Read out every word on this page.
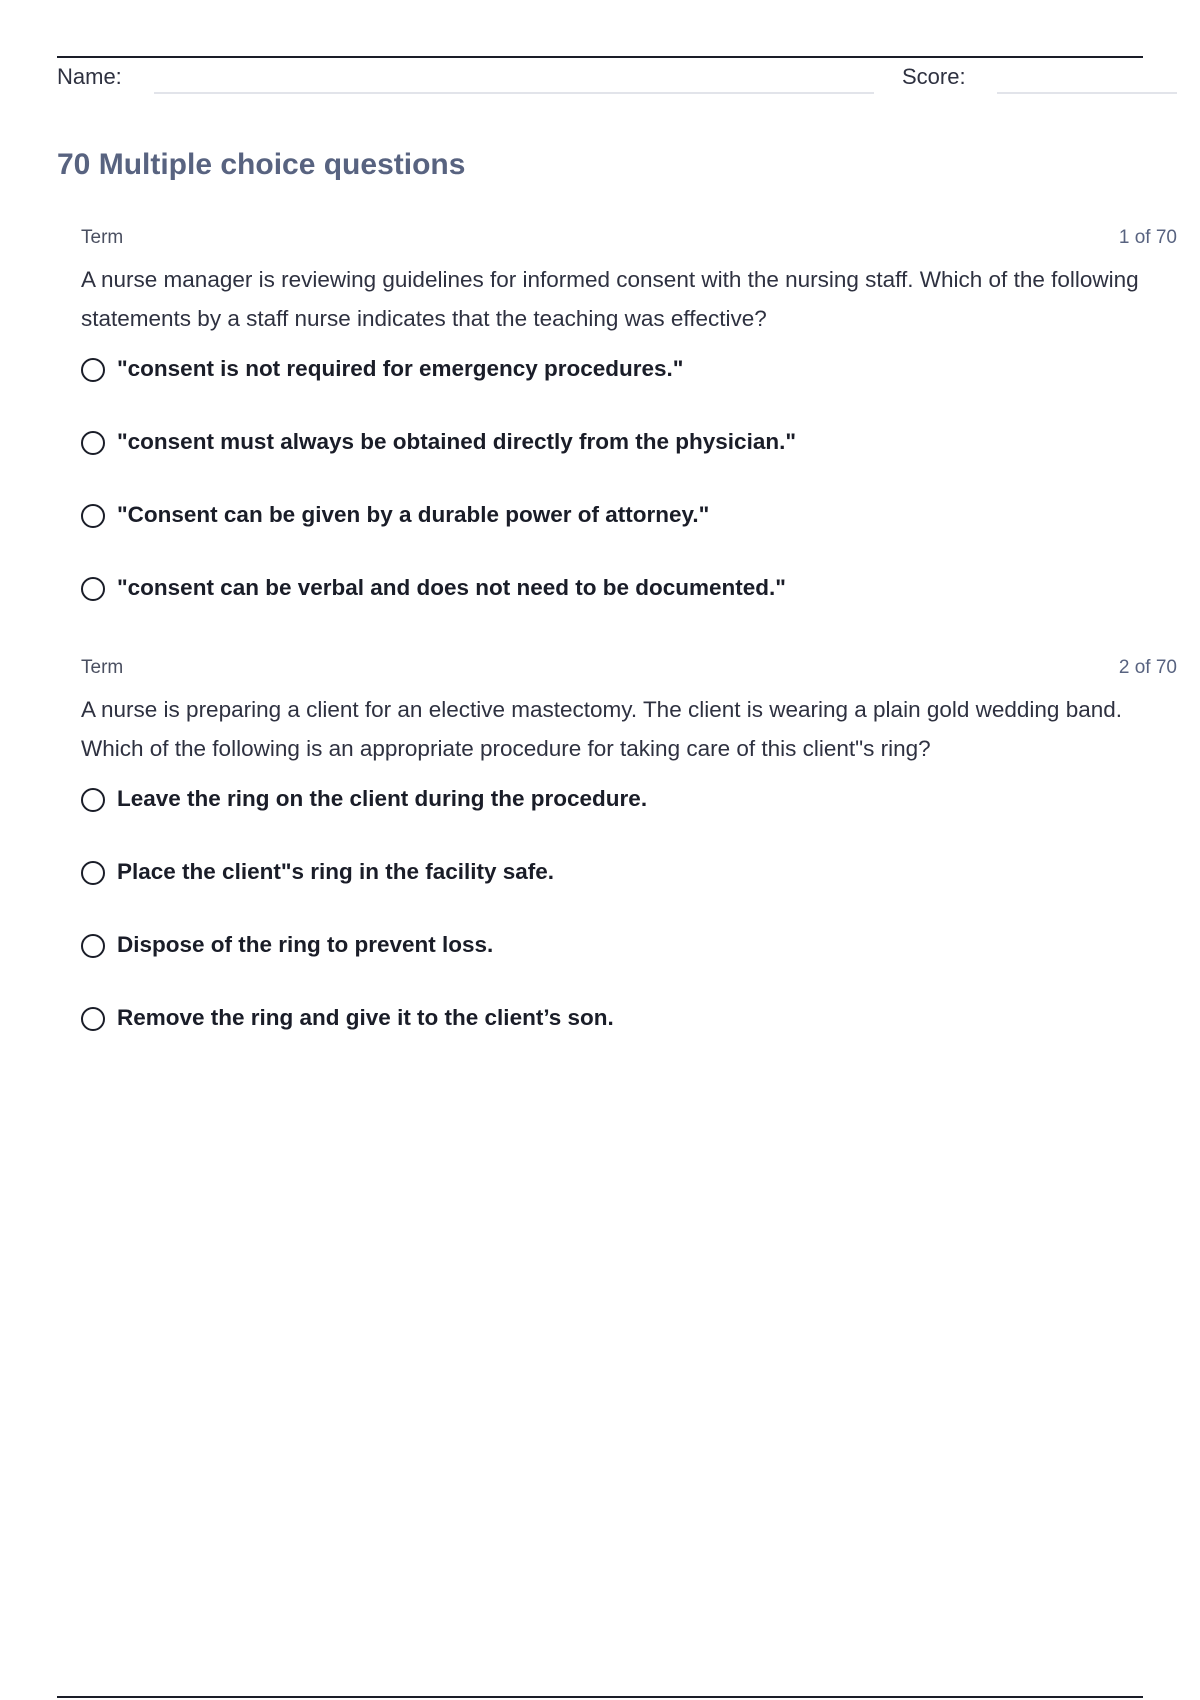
Name:	Score:
70 Multiple choice questions
Term	1 of 70

A nurse manager is reviewing guidelines for informed consent with the nursing staff. Which of the following statements by a staff nurse indicates that the teaching was effective?

"consent is not required for emergency procedures."
"consent must always be obtained directly from the physician."
"Consent can be given by a durable power of attorney."
"consent can be verbal and does not need to be documented."
Term	2 of 70

A nurse is preparing a client for an elective mastectomy. The client is wearing a plain gold wedding band. Which of the following is an appropriate procedure for taking care of this client"s ring?

Leave the ring on the client during the procedure.
Place the client"s ring in the facility safe.
Dispose of the ring to prevent loss.
Remove the ring and give it to the client’s son.
